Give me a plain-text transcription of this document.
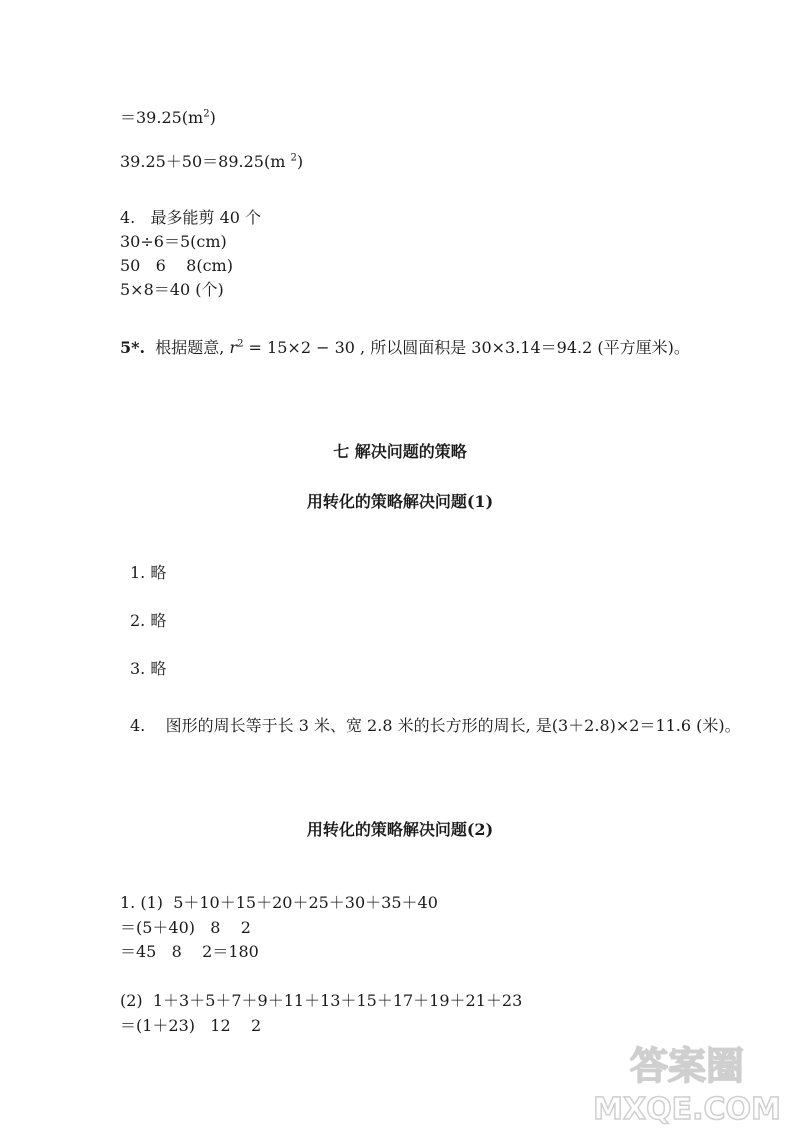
$=39.25(m^2)$
39.25＋50＝89.25(m $^2$)
4.   最多能剪 40 个
30÷6＝5(cm)
50   6    8(cm)
5×8＝40 (个)
5*.  根据题意, $r^2 = 15\times 2 - 30$ , 所以圆面积是 30×3.14＝94.2 (平方厘米)。
七 解决问题的策略
用转化的策略解决问题(1)
1. 略
2. 略
3. 略
4.    图形的周长等于长 3 米、宽 2.8 米的长方形的周长, 是(3＋2.8)×2＝11.6 (米)。
用转化的策略解决问题(2)
1. (1)  5＋10＋15＋20＋25＋30＋35＋40
＝(5＋40)   8    2
＝45   8    2＝180
(2)  1＋3＋5＋7＋9＋11＋13＋15＋17＋19＋21＋23
＝(1＋23)   12    2
答案圈
MXQE.COM
